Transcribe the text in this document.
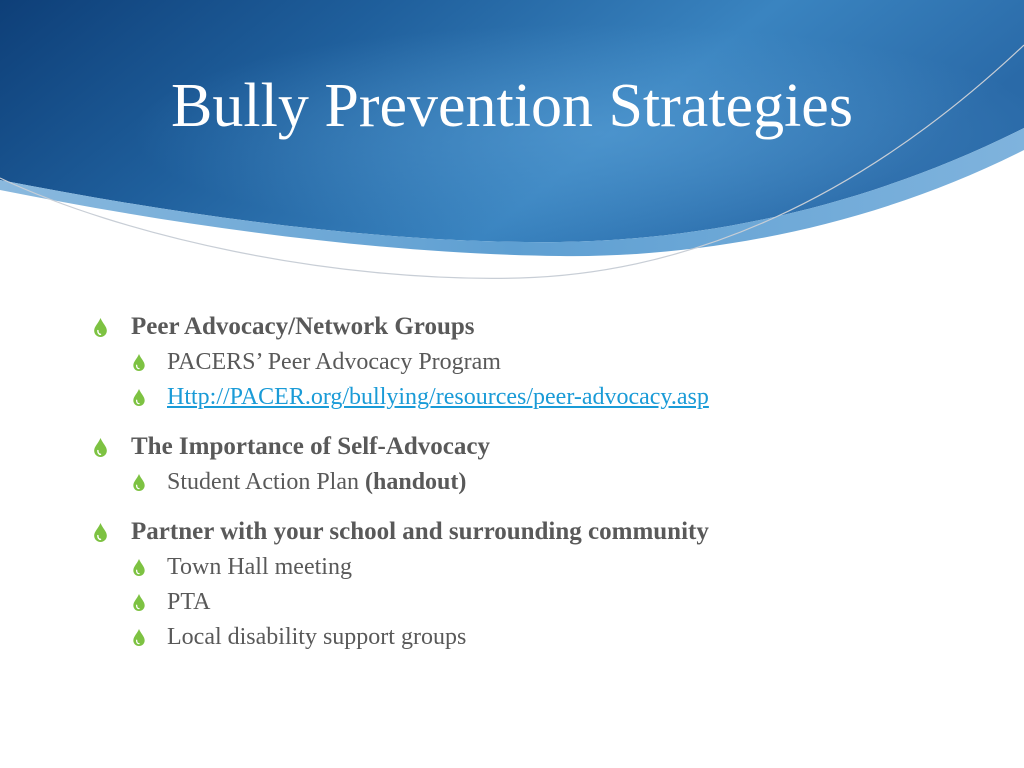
Bully Prevention Strategies
Peer Advocacy/Network Groups
PACERS’ Peer Advocacy Program
Http://PACER.org/bullying/resources/peer-advocacy.asp
The Importance of Self-Advocacy
Student Action Plan (handout)
Partner with your school and surrounding community
Town Hall meeting
PTA
Local disability support groups
